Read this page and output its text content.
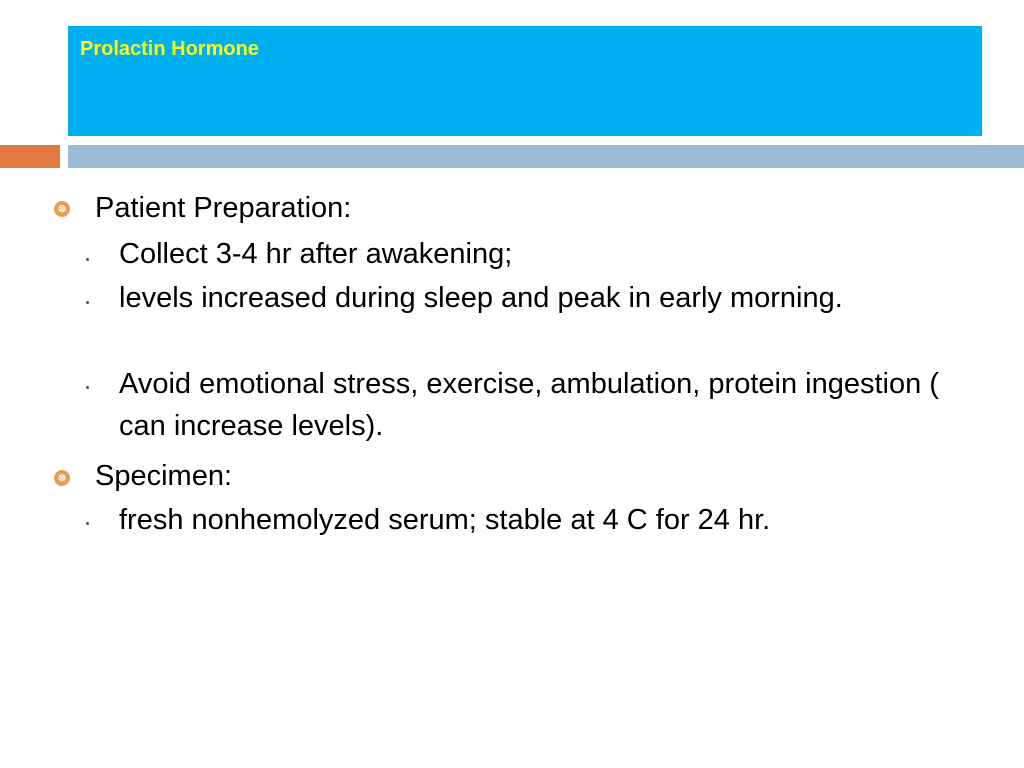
Prolactin Hormone
⑩ Patient Preparation:
Collect 3-4 hr after awakening;
levels increased during sleep and peak in early morning.
Avoid emotional stress, exercise, ambulation, protein ingestion ( can increase levels).
⑩ Specimen:
fresh nonhemolyzed serum; stable at 4 C for 24 hr.
